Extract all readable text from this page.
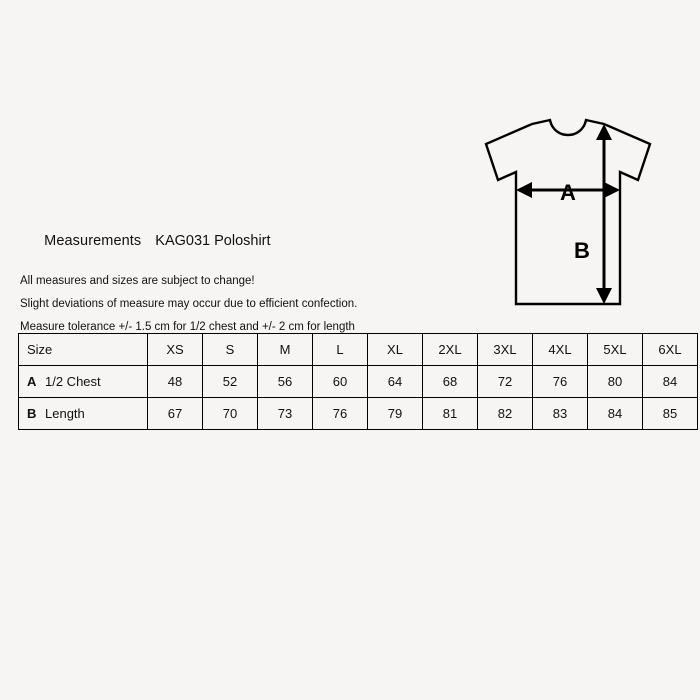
A
B

Measurements KAG031 Poloshirt

All measures and sizes are subject to change!
Slight deviations of measure may occur due to efficient confection.
Measure tolerance +/- 1.5 cm for 1/2 chest and +/- 2 cm for length
Size	XS	S	M	L	XL	2XL	3XL	4XL	5XL	6XL
A 1/2 Chest	48	52	56	60	64	68	72	76	80	84
B Length	67	70	73	76	79	81	82	83	84	85
